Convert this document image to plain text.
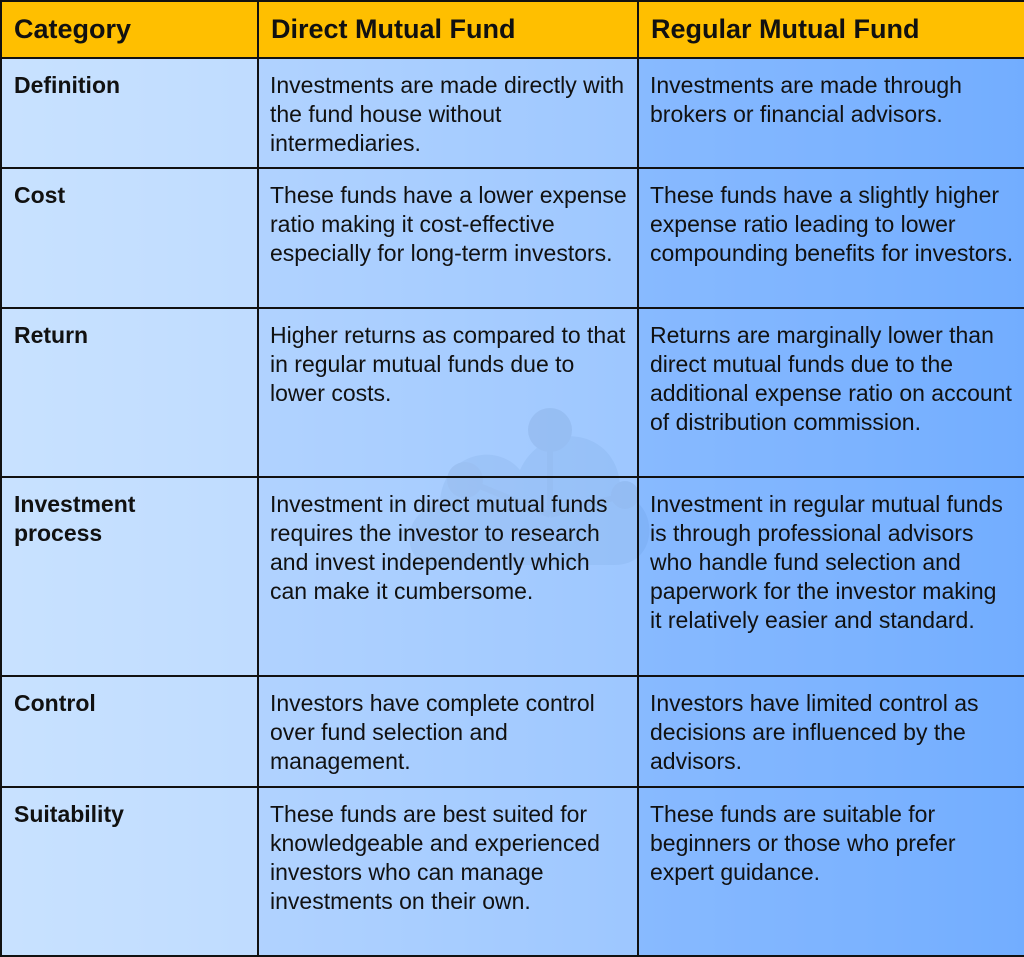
Category	Direct Mutual Fund	Regular Mutual Fund
Definition	Investments are made directly with the fund house without intermediaries.	Investments are made through brokers or financial advisors.
Cost	These funds have a lower expense ratio making it cost-effective especially for long-term investors.	These funds have a slightly higher expense ratio leading to lower compounding benefits for investors.
Return	Higher returns as compared to that in regular mutual funds due to lower costs.	Returns are marginally lower than direct mutual funds due to the additional expense ratio on account of distribution commission.
Investment process	Investment in direct mutual funds requires the investor to research and invest independently which can make it cumbersome.	Investment in regular mutual funds is through professional advisors who handle fund selection and paperwork for the investor making it relatively easier and standard.
Control	Investors have complete control over fund selection and management.	Investors have limited control as decisions are influenced by the advisors.
Suitability	These funds are best suited for knowledgeable and experienced investors who can manage investments on their own.	These funds are suitable for beginners or those who prefer expert guidance.
